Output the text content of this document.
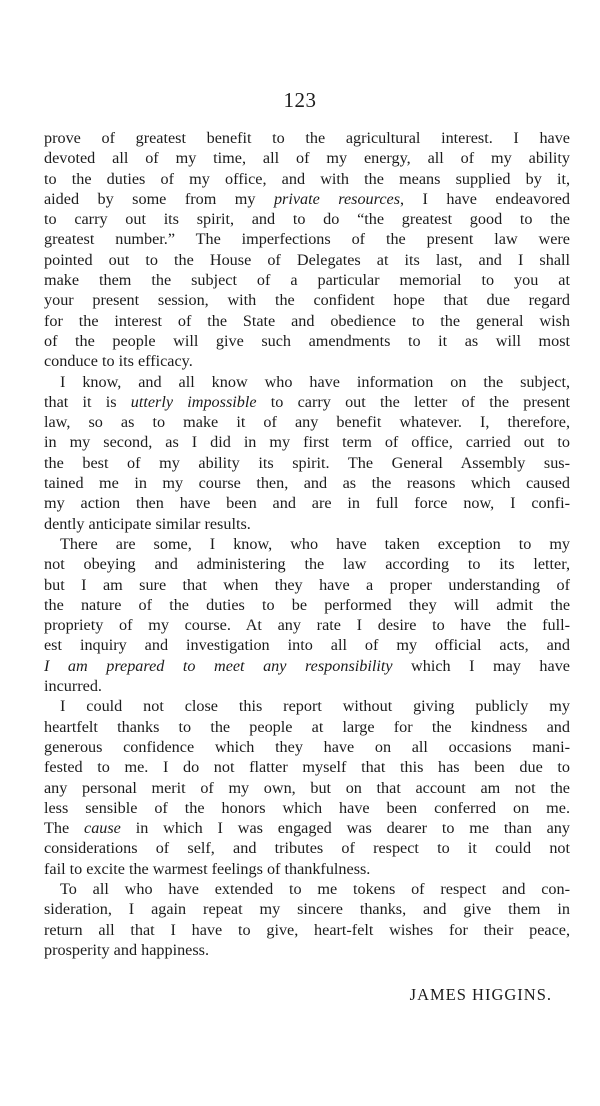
123
prove of greatest benefit to the agricultural interest. I have
devoted all of my time, all of my energy, all of my ability
to the duties of my office, and with the means supplied by it,
aided by some from my private resources, I have endeavored
to carry out its spirit, and to do “the greatest good to the
greatest number.” The imperfections of the present law were
pointed out to the House of Delegates at its last, and I shall
make them the subject of a particular memorial to you at
your present session, with the confident hope that due regard
for the interest of the State and obedience to the general wish
of the people will give such amendments to it as will most
conduce to its efficacy.
I know, and all know who have information on the subject,
that it is utterly impossible to carry out the letter of the present
law, so as to make it of any benefit whatever. I, therefore,
in my second, as I did in my first term of office, carried out to
the best of my ability its spirit. The General Assembly sus-
tained me in my course then, and as the reasons which caused
my action then have been and are in full force now, I confi-
dently anticipate similar results.
There are some, I know, who have taken exception to my
not obeying and administering the law according to its letter,
but I am sure that when they have a proper understanding of
the nature of the duties to be performed they will admit the
propriety of my course. At any rate I desire to have the full-
est inquiry and investigation into all of my official acts, and
I am prepared to meet any responsibility which I may have
incurred.
I could not close this report without giving publicly my
heartfelt thanks to the people at large for the kindness and
generous confidence which they have on all occasions mani-
fested to me. I do not flatter myself that this has been due to
any personal merit of my own, but on that account am not the
less sensible of the honors which have been conferred on me.
The cause in which I was engaged was dearer to me than any
considerations of self, and tributes of respect to it could not
fail to excite the warmest feelings of thankfulness.
To all who have extended to me tokens of respect and con-
sideration, I again repeat my sincere thanks, and give them in
return all that I have to give, heart-felt wishes for their peace,
prosperity and happiness.
JAMES HIGGINS.
